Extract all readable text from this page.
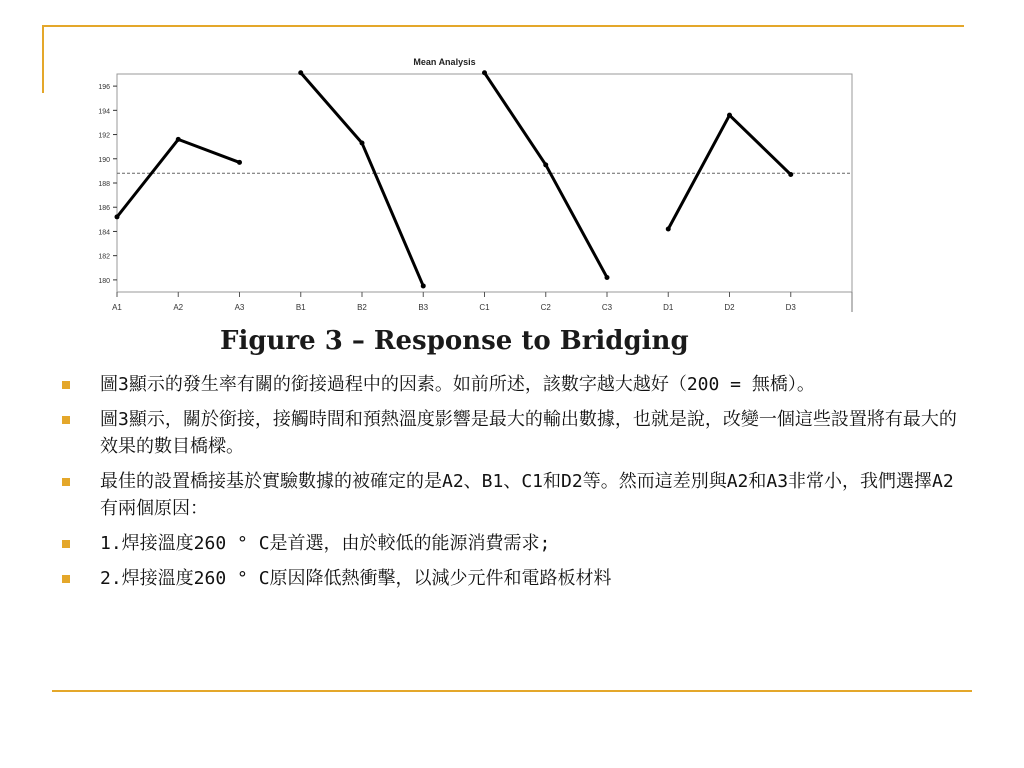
Mean Analysis
180
182
184
186
188
190
192
194
196
A1	A2	A3	B1	B2	B3	C1	C2	C3	D1	D2	D3
Figure 3 – Response to Bridging
圖3顯示的發生率有關的銜接過程中的因素。如前所述，該數字越大越好（200 = 無橋）。
圖3顯示，關於銜接，接觸時間和預熱溫度影響是最大的輸出數據，也就是說，改變一個這些設置將有最大的效果的數目橋樑。
最佳的設置橋接基於實驗數據的被確定的是A2、B1、C1和D2等。然而這差別與A2和A3非常小，我們選擇A2有兩個原因：
1.焊接溫度260 ° C是首選，由於較低的能源消費需求;
2.焊接溫度260 ° C原因降低熱衝擊，以減少元件和電路板材料
